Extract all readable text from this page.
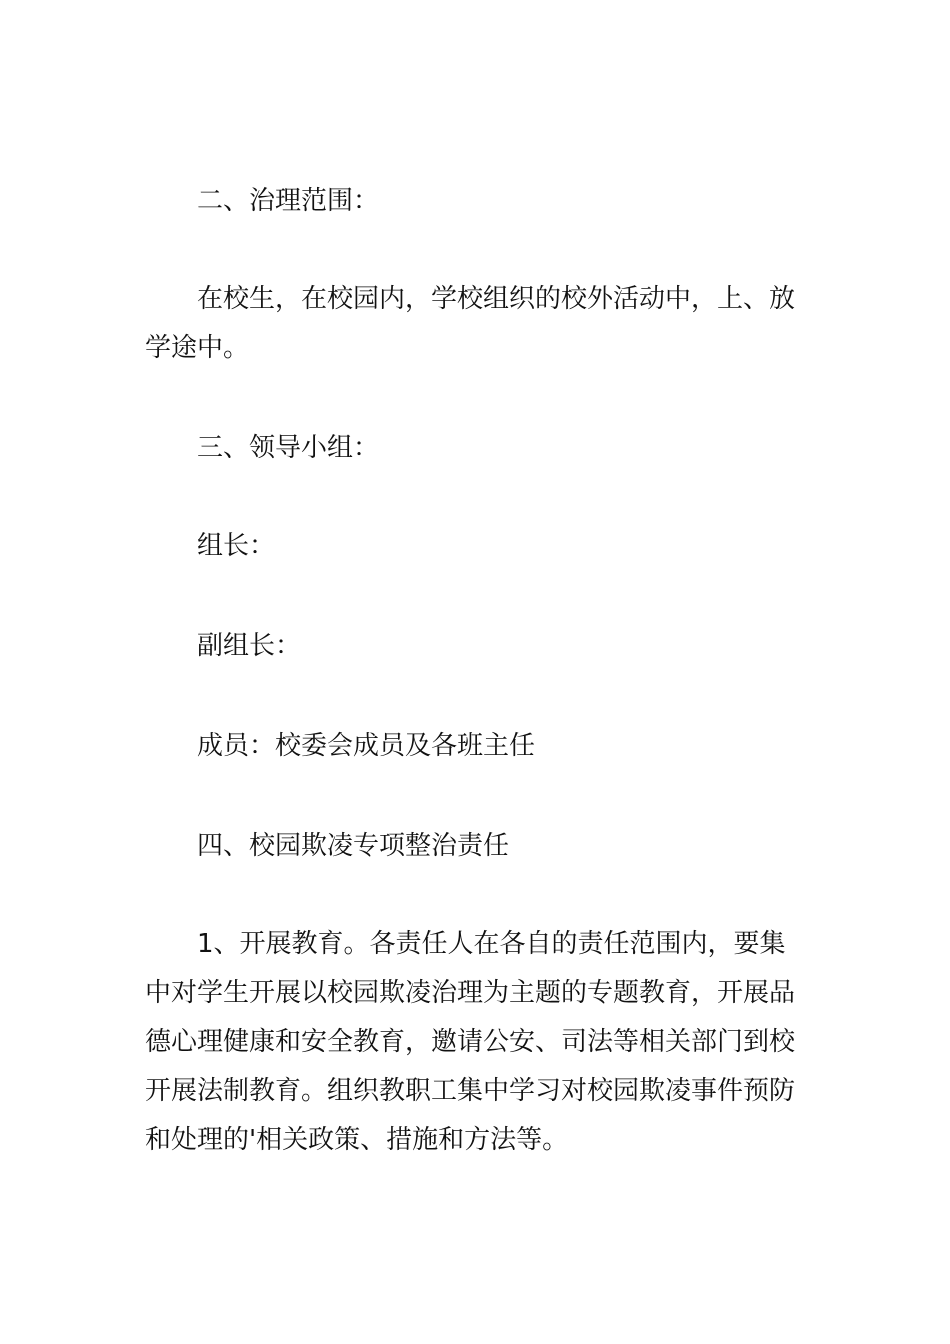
二、治理范围：

在校生，在校园内，学校组织的校外活动中，上、放学途中。

三、领导小组：

组长：

副组长：

成员：校委会成员及各班主任

四、校园欺凌专项整治责任

1、开展教育。各责任人在各自的责任范围内，要集中对学生开展以校园欺凌治理为主题的专题教育，开展品德心理健康和安全教育，邀请公安、司法等相关部门到校开展法制教育。组织教职工集中学习对校园欺凌事件预防和处理的'相关政策、措施和方法等。
